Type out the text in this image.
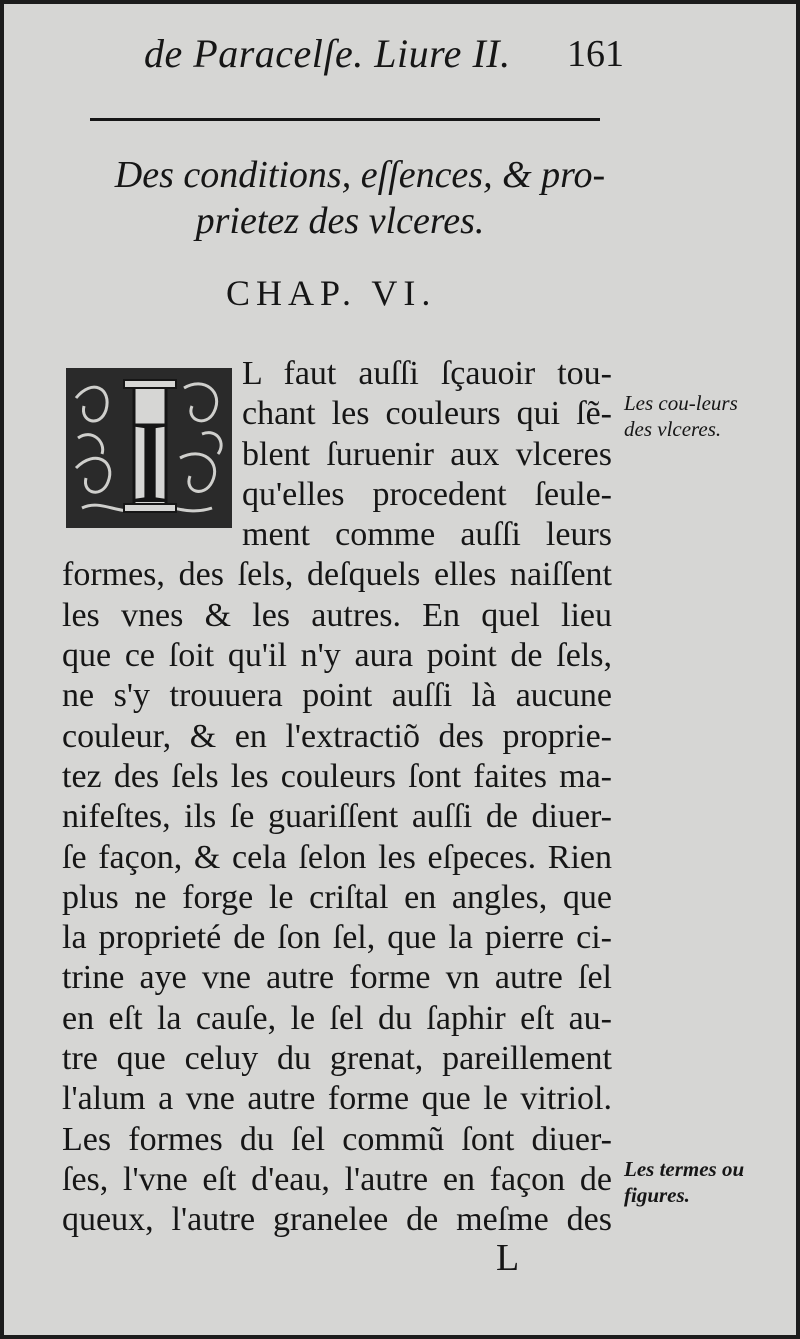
de Paracelſe. Liure II. 161
Des conditions, eſſences, & pro-
prietez des vlceres.
CHAP. VI.
I
L faut auſſi ſçauoir tou-
chant les couleurs qui ſẽ-
blent ſuruenir aux vlceres
qu'elles procedent ſeule-
ment comme auſſi leurs
formes, des ſels, deſquels elles naiſſent
les vnes & les autres. En quel lieu
que ce ſoit qu'il n'y aura point de ſels,
ne s'y trouuera point auſſi là aucune
couleur, & en l'extractiõ des proprie-
tez des ſels les couleurs ſont faites ma-
nifeſtes, ils ſe guariſſent auſſi de diuer-
ſe façon, & cela ſelon les eſpeces. Rien
plus ne forge le criſtal en angles, que
la proprieté de ſon ſel, que la pierre ci-
trine aye vne autre forme vn autre ſel
en eſt la cauſe, le ſel du ſaphir eſt au-
tre que celuy du grenat, pareillement
l'alum a vne autre forme que le vitriol.
Les formes du ſel commũ ſont diuer-
ſes, l'vne eſt d'eau, l'autre en façon de
queux, l'autre granelee de meſme des
Les cou-leurs des vlceres.
Les termes ou figures.
L
